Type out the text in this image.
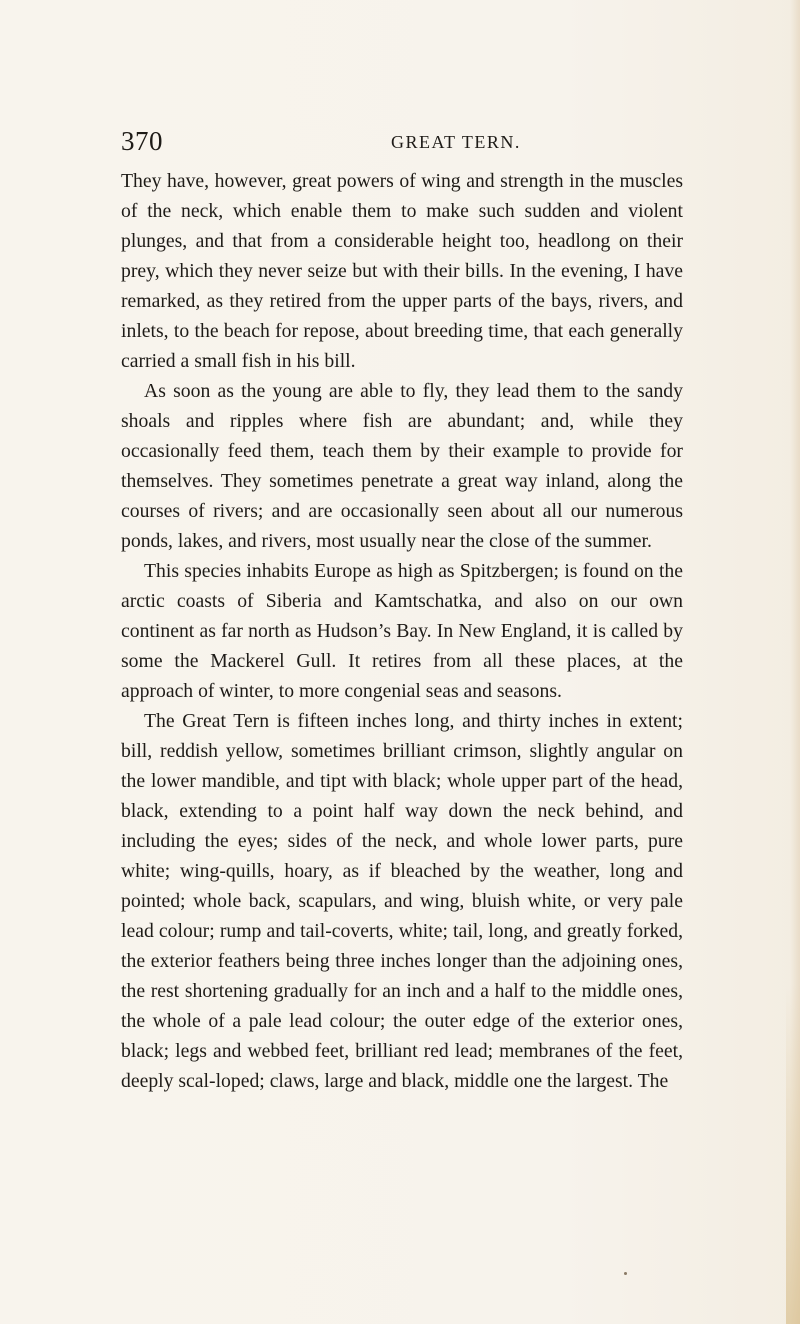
370	GREAT TERN.

They have, however, great powers of wing and strength in the muscles of the neck, which enable them to make such sudden and violent plunges, and that from a considerable height too, headlong on their prey, which they never seize but with their bills. In the evening, I have remarked, as they retired from the upper parts of the bays, rivers, and inlets, to the beach for repose, about breeding time, that each generally carried a small fish in his bill.

As soon as the young are able to fly, they lead them to the sandy shoals and ripples where fish are abundant; and, while they occasionally feed them, teach them by their example to provide for themselves. They sometimes penetrate a great way inland, along the courses of rivers; and are occasionally seen about all our numerous ponds, lakes, and rivers, most usually near the close of the summer.

This species inhabits Europe as high as Spitzbergen; is found on the arctic coasts of Siberia and Kamtschatka, and also on our own continent as far north as Hudson’s Bay. In New England, it is called by some the Mackerel Gull. It retires from all these places, at the approach of winter, to more congenial seas and seasons.

The Great Tern is fifteen inches long, and thirty inches in extent; bill, reddish yellow, sometimes brilliant crimson, slightly angular on the lower mandible, and tipt with black; whole upper part of the head, black, extending to a point half way down the neck behind, and including the eyes; sides of the neck, and whole lower parts, pure white; wing-quills, hoary, as if bleached by the weather, long and pointed; whole back, scapulars, and wing, bluish white, or very pale lead colour; rump and tail-coverts, white; tail, long, and greatly forked, the exterior feathers being three inches longer than the adjoining ones, the rest shortening gradually for an inch and a half to the middle ones, the whole of a pale lead colour; the outer edge of the exterior ones, black; legs and webbed feet, brilliant red lead; membranes of the feet, deeply scal-loped; claws, large and black, middle one the largest. The
